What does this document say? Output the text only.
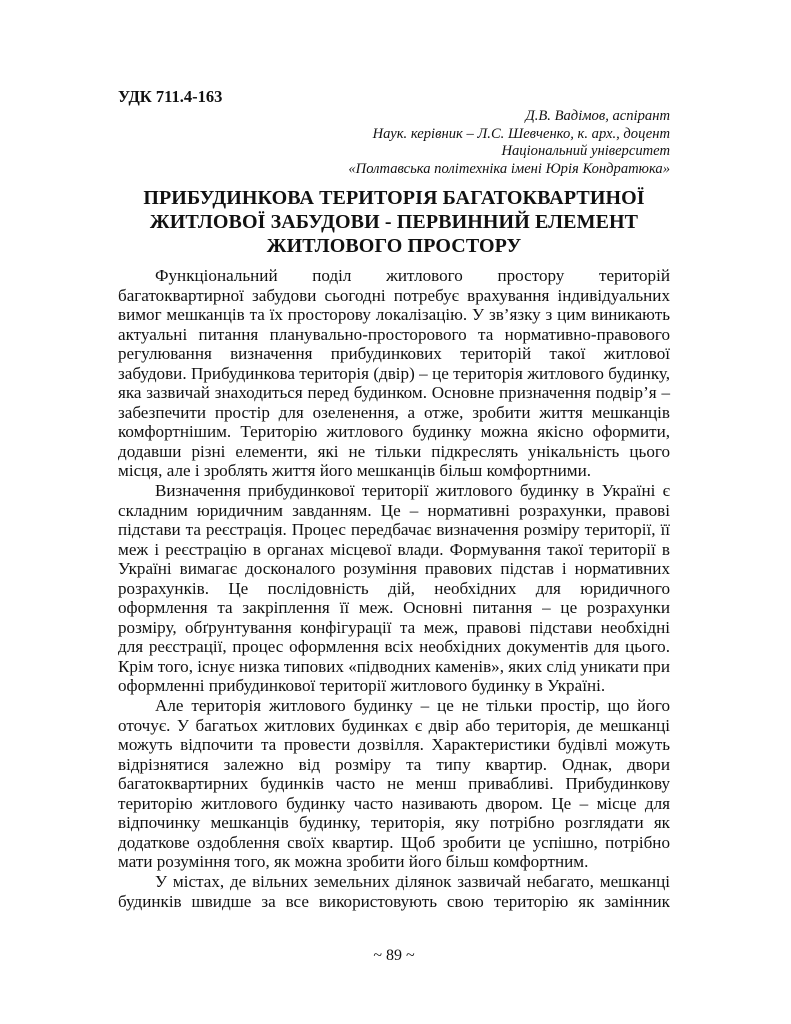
УДК 711.4-163
Д.В. Вадімов, аспірант
Наук. керівник – Л.С. Шевченко, к. арх., доцент
Національний університет
«Полтавська політехніка імені Юрія Кондратюка»
ПРИБУДИНКОВА ТЕРИТОРІЯ БАГАТОКВАРТИНОЇ
ЖИТЛОВОЇ ЗАБУДОВИ - ПЕРВИННИЙ ЕЛЕМЕНТ
ЖИТЛОВОГО ПРОСТОРУ

Функціональний поділ житлового простору територій багатоквартирної забудови сьогодні потребує врахування індивідуальних вимог мешканців та їх просторову локалізацію. У зв’язку з цим виникають актуальні питання планувально-просторового та нормативно-правового регулювання визначення прибудинкових територій такої житлової забудови. Прибудинкова територія (двір) – це територія житлового будинку, яка зазвичай знаходиться перед будинком. Основне призначення подвір’я – забезпечити простір для озеленення, а отже, зробити життя мешканців комфортнішим. Територію житлового будинку можна якісно оформити, додавши різні елементи, які не тільки підкреслять унікальність цього місця, але і зроблять життя його мешканців більш комфортними.

Визначення прибудинкової території житлового будинку в Україні є складним юридичним завданням. Це – нормативні розрахунки, правові підстави та реєстрація. Процес передбачає визначення розміру території, її меж і реєстрацію в органах місцевої влади. Формування такої території в Україні вимагає досконалого розуміння правових підстав і нормативних розрахунків. Це послідовність дій, необхідних для юридичного оформлення та закріплення її меж. Основні питання – це розрахунки розміру, обґрунтування конфігурації та меж, правові підстави необхідні для реєстрації, процес оформлення всіх необхідних документів для цього. Крім того, існує низка типових «підводних каменів», яких слід уникати при оформленні прибудинкової території житлового будинку в Україні.

Але територія житлового будинку – це не тільки простір, що його оточує. У багатьох житлових будинках є двір або територія, де мешканці можуть відпочити та провести дозвілля. Характеристики будівлі можуть відрізнятися залежно від розміру та типу квартир. Однак, двори багатоквартирних будинків часто не менш привабливі. Прибудинкову територію житлового будинку часто називають двором. Це – місце для відпочинку мешканців будинку, територія, яку потрібно розглядати як додаткове оздоблення своїх квартир. Щоб зробити це успішно, потрібно мати розуміння того, як можна зробити його більш комфортним.

У містах, де вільних земельних ділянок зазвичай небагато, мешканці будинків швидше за все використовують свою територію як замінник

~ 89 ~
